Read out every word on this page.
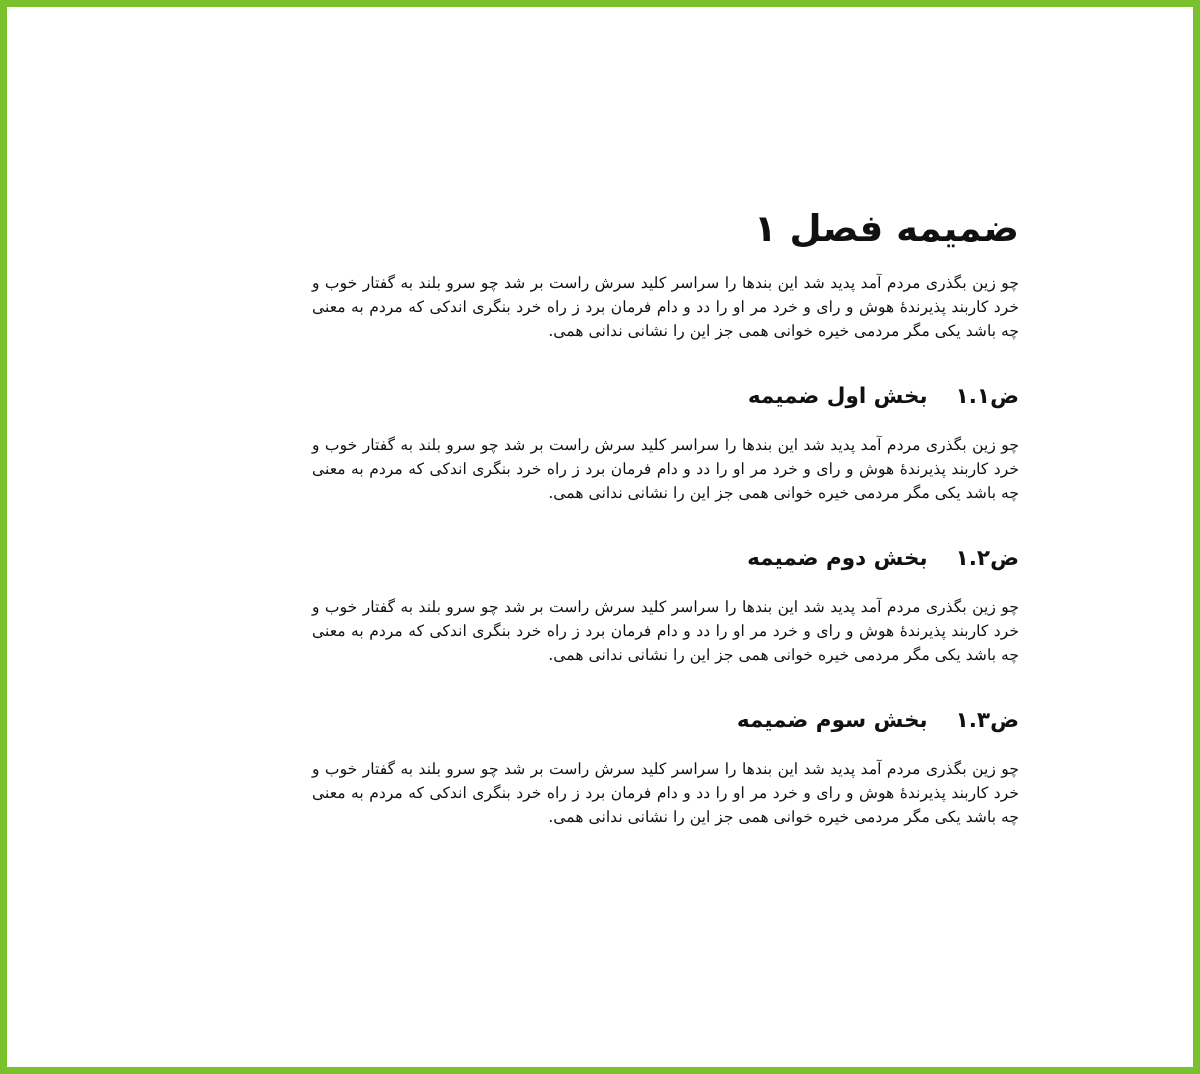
ضمیمه فصل ۱

چو زین بگذری مردم آمد پدید شد این بندها را سراسر کلید سرش راست بر شد چو سرو بلند به گفتار خوب و خرد کاربند پذیرندهٔ هوش و رای و خرد مر او را دد و دام فرمان برد ز راه خرد بنگری اندکی که مردم به معنی چه باشد یکی مگر مردمی خیره خوانی همی جز این را نشانی ندانی همی.

ض۱.۱بخش اول ضمیمه

چو زین بگذری مردم آمد پدید شد این بندها را سراسر کلید سرش راست بر شد چو سرو بلند به گفتار خوب و خرد کاربند پذیرندهٔ هوش و رای و خرد مر او را دد و دام فرمان برد ز راه خرد بنگری اندکی که مردم به معنی چه باشد یکی مگر مردمی خیره خوانی همی جز این را نشانی ندانی همی.

ض۱.۲بخش دوم ضمیمه

چو زین بگذری مردم آمد پدید شد این بندها را سراسر کلید سرش راست بر شد چو سرو بلند به گفتار خوب و خرد کاربند پذیرندهٔ هوش و رای و خرد مر او را دد و دام فرمان برد ز راه خرد بنگری اندکی که مردم به معنی چه باشد یکی مگر مردمی خیره خوانی همی جز این را نشانی ندانی همی.

ض۱.۳بخش سوم ضمیمه

چو زین بگذری مردم آمد پدید شد این بندها را سراسر کلید سرش راست بر شد چو سرو بلند به گفتار خوب و خرد کاربند پذیرندهٔ هوش و رای و خرد مر او را دد و دام فرمان برد ز راه خرد بنگری اندکی که مردم به معنی چه باشد یکی مگر مردمی خیره خوانی همی جز این را نشانی ندانی همی.
